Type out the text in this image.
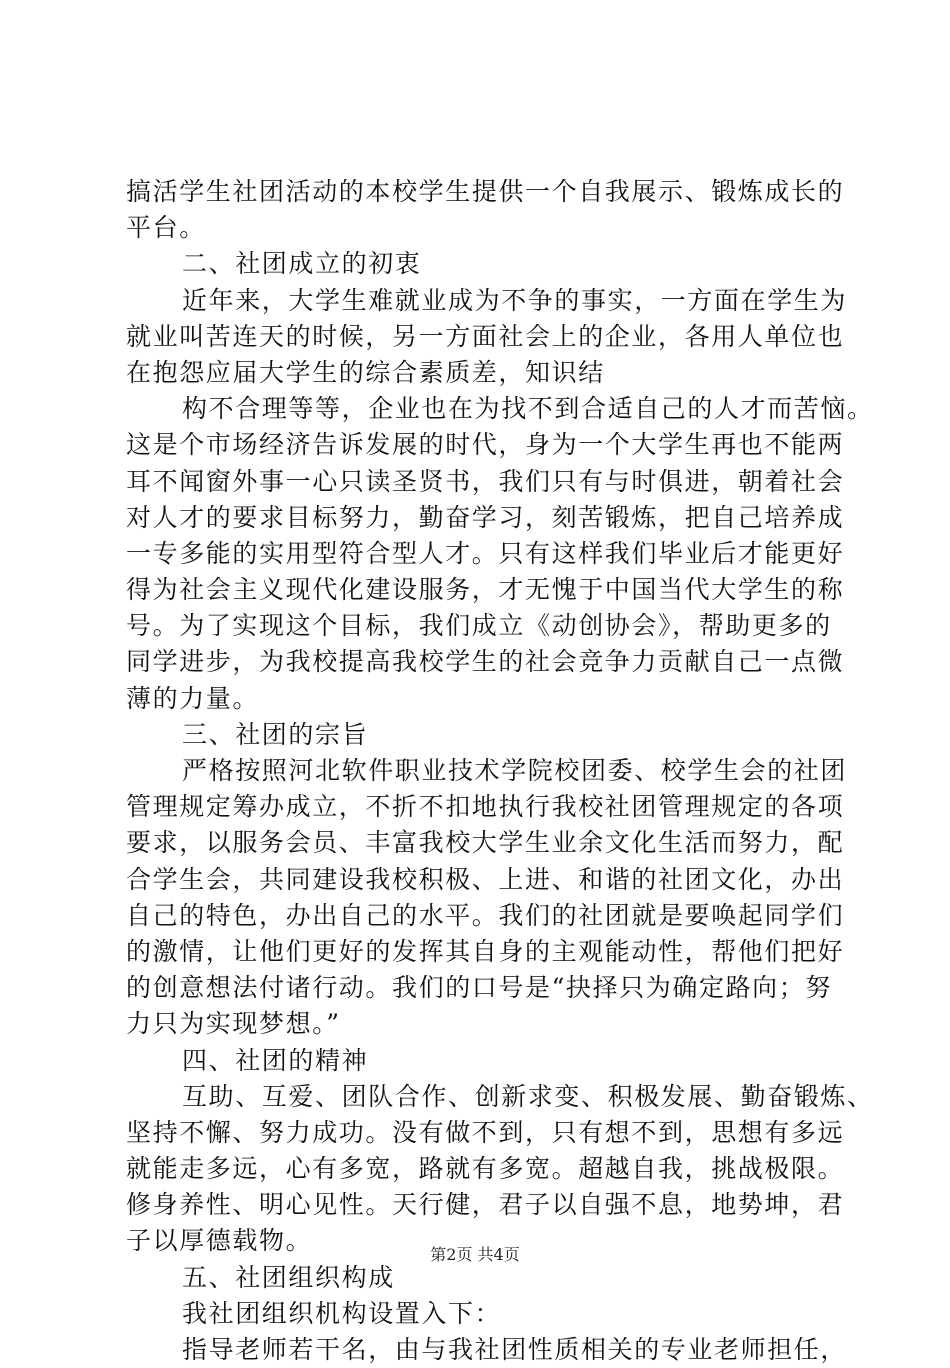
搞活学生社团活动的本校学生提供一个自我展示、锻炼成长的
平台。
二、社团成立的初衷
近年来，大学生难就业成为不争的事实，一方面在学生为
就业叫苦连天的时候，另一方面社会上的企业，各用人单位也
在抱怨应届大学生的综合素质差，知识结
构不合理等等，企业也在为找不到合适自己的人才而苦恼。
这是个市场经济告诉发展的时代，身为一个大学生再也不能两
耳不闻窗外事一心只读圣贤书，我们只有与时俱进，朝着社会
对人才的要求目标努力，勤奋学习，刻苦锻炼，把自己培养成
一专多能的实用型符合型人才。只有这样我们毕业后才能更好
得为社会主义现代化建设服务，才无愧于中国当代大学生的称
号。为了实现这个目标，我们成立《动创协会》，帮助更多的
同学进步，为我校提高我校学生的社会竞争力贡献自己一点微
薄的力量。
三、社团的宗旨
严格按照河北软件职业技术学院校团委、校学生会的社团
管理规定筹办成立，不折不扣地执行我校社团管理规定的各项
要求，以服务会员、丰富我校大学生业余文化生活而努力，配
合学生会，共同建设我校积极、上进、和谐的社团文化，办出
自己的特色，办出自己的水平。我们的社团就是要唤起同学们
的激情，让他们更好的发挥其自身的主观能动性，帮他们把好
的创意想法付诸行动。我们的口号是“抉择只为确定路向；努
力只为实现梦想。”
四、社团的精神
互助、互爱、团队合作、创新求变、积极发展、勤奋锻炼、
坚持不懈、努力成功。没有做不到，只有想不到，思想有多远
就能走多远，心有多宽，路就有多宽。超越自我，挑战极限。
修身养性、明心见性。天行健，君子以自强不息，地势坤，君
子以厚德载物。
五、社团组织构成
我社团组织机构设置入下：
指导老师若干名，由与我社团性质相关的专业老师担任，
第2页 共4页
